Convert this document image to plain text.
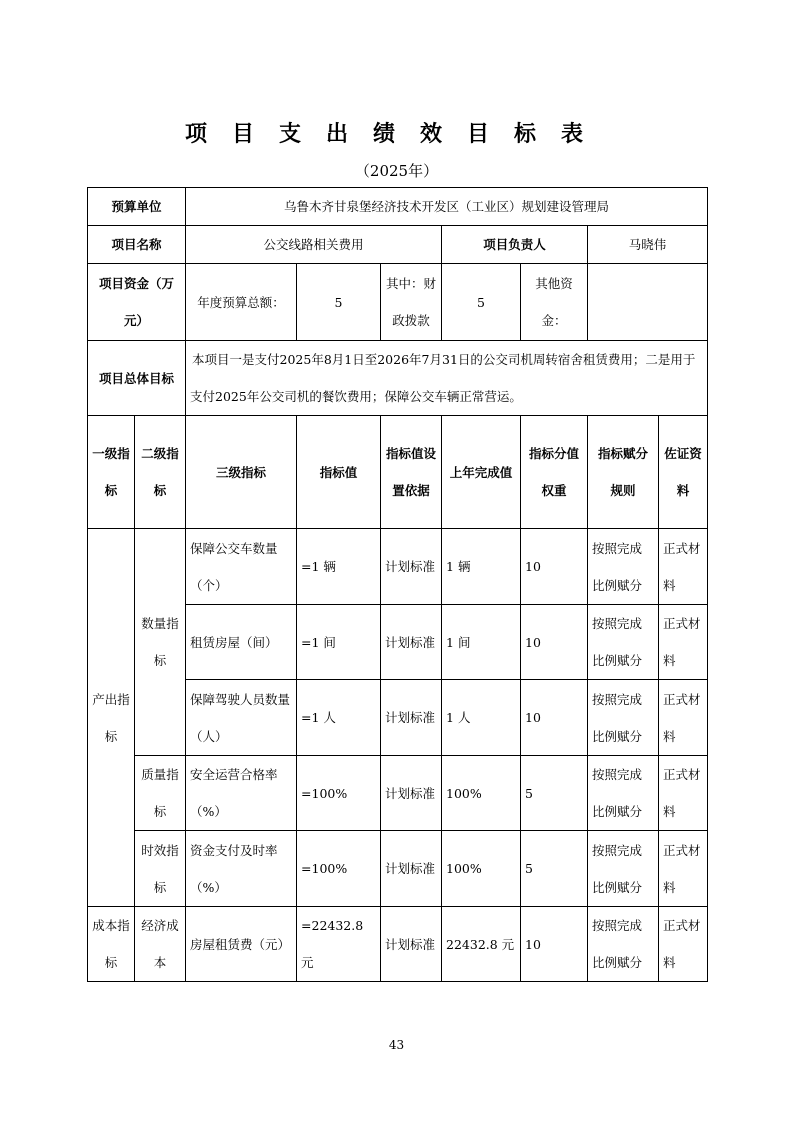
项目支出绩效目标表
（2025年）
预算单位		乌鲁木齐甘泉堡经济技术开发区（工业区）规划建设管理局						
项目名称		公交线路相关费用			项目负责人		马晓伟	
项目资金（万元）		年度预算总额：	5	其中：财政拨款	5	其他资金：		
项目总体目标		本项目一是支付2025年8月1日至2026年7月31日的公交司机周转宿舍租赁费用；二是用于支付2025年公交司机的餐饮费用；保障公交车辆正常营运。						
一级指标	二级指标	三级指标	指标值	指标值设置依据	上年完成值	指标分值权重	指标赋分规则	佐证资料
产出指标	数量指标	保障公交车数量（个）	=1 辆	计划标准	1 辆	10	按照完成比例赋分	正式材料
		租赁房屋（间）	=1 间	计划标准	1 间	10	按照完成比例赋分	正式材料
		保障驾驶人员数量（人）	=1 人	计划标准	1 人	10	按照完成比例赋分	正式材料
	质量指标	安全运营合格率（%）	=100%	计划标准	100%	5	按照完成比例赋分	正式材料
	时效指标	资金支付及时率（%）	=100%	计划标准	100%	5	按照完成比例赋分	正式材料
成本指标	经济成本	房屋租赁费（元）	=22432.8 元	计划标准	22432.8 元	10	按照完成比例赋分	正式材料
43
